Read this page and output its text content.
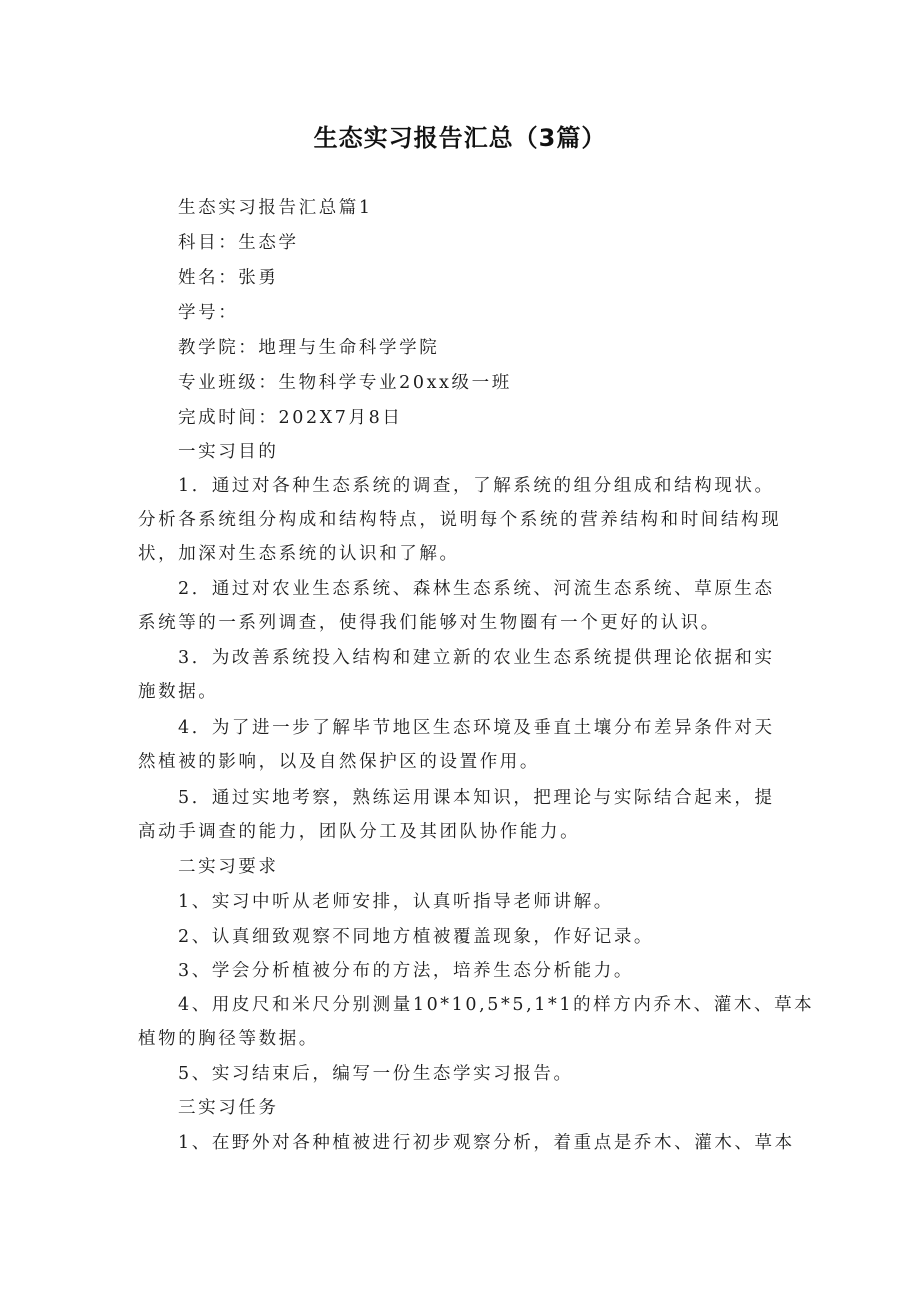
生态实习报告汇总（3篇）
生态实习报告汇总篇1
科目：生态学
姓名：张勇
学号：
教学院：地理与生命科学学院
专业班级：生物科学专业20xx级一班
完成时间：202X7月8日
一实习目的
1．通过对各种生态系统的调查，了解系统的组分组成和结构现状。
分析各系统组分构成和结构特点，说明每个系统的营养结构和时间结构现
状，加深对生态系统的认识和了解。
2．通过对农业生态系统、森林生态系统、河流生态系统、草原生态
系统等的一系列调查，使得我们能够对生物圈有一个更好的认识。
3．为改善系统投入结构和建立新的农业生态系统提供理论依据和实
施数据。
4．为了进一步了解毕节地区生态环境及垂直土壤分布差异条件对天
然植被的影响，以及自然保护区的设置作用。
5．通过实地考察，熟练运用课本知识，把理论与实际结合起来，提
高动手调查的能力，团队分工及其团队协作能力。
二实习要求
1、实习中听从老师安排，认真听指导老师讲解。
2、认真细致观察不同地方植被覆盖现象，作好记录。
3、学会分析植被分布的方法，培养生态分析能力。
4、用皮尺和米尺分别测量10*10,5*5,1*1的样方内乔木、灌木、草本
植物的胸径等数据。
5、实习结束后，编写一份生态学实习报告。
三实习任务
1、在野外对各种植被进行初步观察分析，着重点是乔木、灌木、草本
